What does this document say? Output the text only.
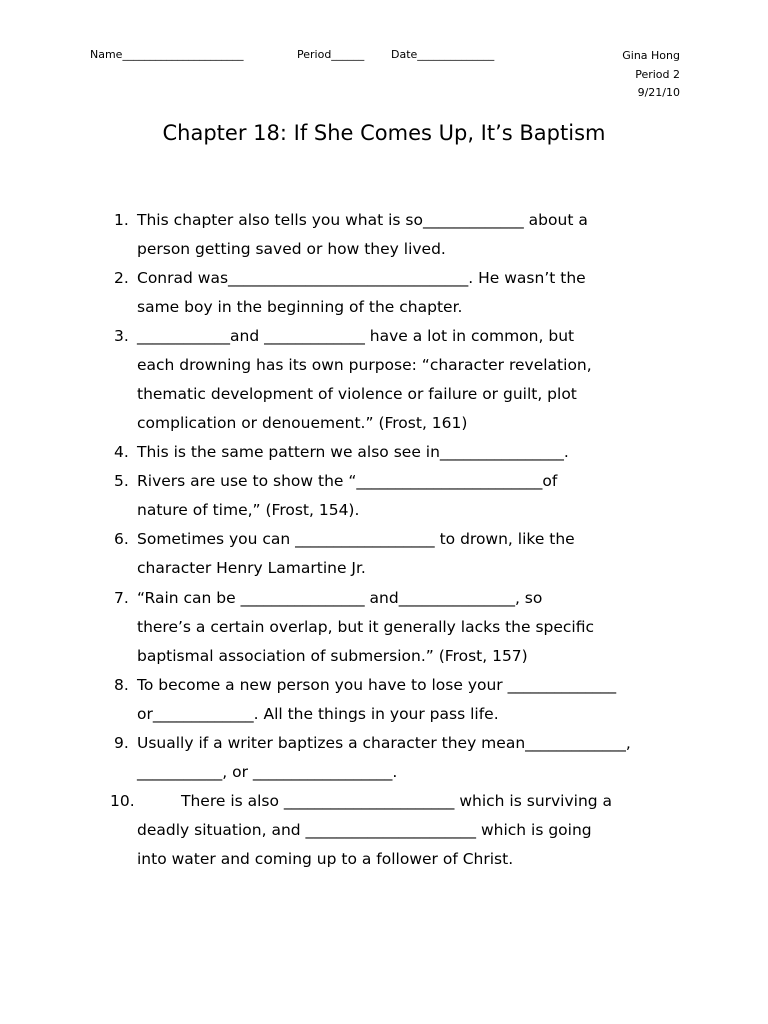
Name______________________	Period______ Date______________	Gina Hong
Period 2
9/21/10
Chapter 18: If She Comes Up, It’s Baptism
1. This chapter also tells you what is so_____________ about a
person getting saved or how they lived.
2. Conrad was_______________________________. He wasn’t the
same boy in the beginning of the chapter.
3. ____________and _____________ have a lot in common, but
each drowning has its own purpose: “character revelation,
thematic development of violence or failure or guilt, plot
complication or denouement.” (Frost, 161)
4. This is the same pattern we also see in________________.
5. Rivers are use to show the “________________________of
nature of time,” (Frost, 154).
6. Sometimes you can __________________ to drown, like the
character Henry Lamartine Jr.
7. “Rain can be ________________ and_______________, so
there’s a certain overlap, but it generally lacks the specific
baptismal association of submersion.” (Frost, 157)
8. To become a new person you have to lose your ______________
or_____________. All the things in your pass life.
9. Usually if a writer baptizes a character they mean_____________,
___________, or __________________.
10.	There is also ______________________ which is surviving a
deadly situation, and ______________________ which is going
into water and coming up to a follower of Christ.
